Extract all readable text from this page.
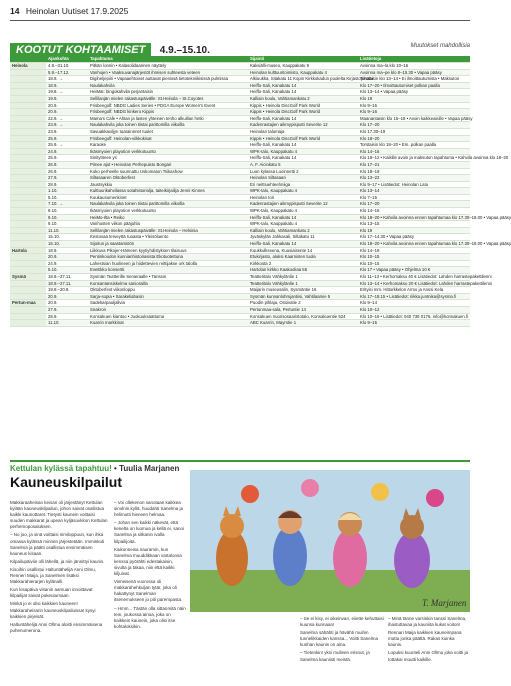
14 Heinolan Uutiset 17.9.2025
KOOTUT KOHTAAMISET 4.9.–15.10.	Muutokset mahdollisia
	Ajankohta	Tapahtuma	Sijainti	Lisätietoja
Heinola	4.9.–31.10.	Pitkän lonnin • Kalasolidaarinen näyttely	Kaksiälli-museo, Kauppakatu 9	Avoinna ma–la klo 10–16
	5.9.–17.12.	Vanhojen • Vaaksuvanajärjestöt ihmisen suhteesta veteen	Heinolan kulttuuritoimisto, Kauppakatu 4	Avoinna ma–pe klo 8–15.30 • Vapaa pääsy
	18.9. →	Digiheljepiiri • Vapaaehtoiset auttavat pienissä tietotekniikisissä pulmissa	Alkiuukka, Sitakatu 11 Kopin Kirkkokadun puolelta Kirjastopihalta	Torstaisin klo 13–14 • Ei ilmoittautumista • Maksuton
	18.9.	Naulakahvila	Heiffo-Sali, Kanakatu 14	Klo 17–20 • Ilmoittautumiset polkan paalla
	19.9. →	HeiMat: bingokahvila perjantaisin	Heiffo-Sali, Kanakatu 14	Klo 13–14 • Vapaa pääsy
	19.9.	Sellilanjän mielen rakastuspäivälle: St.Heinola – St.Coyotes	Kalliain koulu, Vahtiamankatu 2	Klo 19
	20.9.	Frisbeegolf: NBDG Ladies Series • PDGA Europe Women's Event	Kippis • Heinola DiscGolf Park World	Klo 9–16
	20.9.	Frisbeegolf: NBDG kinkero Kippis	Kippis • Heinola DiscGolf Park World	Klo 9–16
	22.9. →	Mama's Cafe • Ahtan ja lasten yhteinen tenho alkuillan hetki	Heiffo-Sali, Kanakatu 14	Maanantaisin klo 16–18 • Avoin kaikkeaisille • Vapaa pääsy
	23.9. →	Naulakahvila joka toinen tiistai parittomilla viikoilla	Kadenrastajien aikmypisputti Severite 12	Klo 17–20
	23.9.	Savuakkaviljyn tuarainnnet tuulet	Heinolan talumaja	Klo 17.30–19
	25.9.	Frisbeegolf: Heinolan-viikkokisat	Kippis • Heinola DiscGolf Park World	Klo 18–20
	25.9. →	Karaoke	Heiffo-Sali, Kanakatu 14	Torstaisin klo 18–20 • Em. polkan paalla
	24.9.	Ikäsmyoien playotion verkkotuunto	WPK-talo, Kauppakatu 4	Klo 14–16
	25.9.	Sinitytöeen ys	Heiffo-Sali, Kanakatu 14	Klo 18–12 • Kaikille avoin ja maksuton tapahtuma • Kahvila avoinna klo 18–20
	26.9.	Pimee ajot • Heinolan Perhepuisto Bongari	A. F. Aicinkatu 5	Klo 17–21
	26.9.	Koko perheelle suunnattu Uskomaton Tsikashow	Luon kylassa Luoinnetti 2	Klo 18–19
	27.9.	Siltasaaren Oktoberfest	Heinolan Siltasaari	Klo 13–22
	28.9.	Jaustsykkiu	Eri neittiuehteehniiga	Klo 9–17 • Lisätiedot: Heinolan Latu
	1.10.	Kulttuurikahvilassa sotahistoriolja, taiteikirjailija Jenni Kinnes	WPK-talo, Kauppakatu 4	Klo 13–14
	5.10.	Kuukausumenkinet	Heinolan tori	Klo 7–15
	7.10. →	Naulakahvila joka toinen tiistai parittomilla viikoilla	Kadenrastajien aikmypisputti Severite 12	Klo 17–20
	8.10.	Ikäsmyoien playotion verkkotuunto	WPK-talo, Kauppakatu 4	Klo 14–16
	9.10.	HeiMo-Ilta • Reiko	Heiffo-Sali, Kanakatu 14	Klo 18–20 • Kahvila avoinna ennen tapahtumaa klo 17.30–18.00 • Vapaa pääsy
	9.10.	Vanhusten viikon pääjuhla	WPK-talo, Kauppakatu 4	Klo 13–15
	11.10.	Sellilanjän mielen rakastuspäivälle: St.Heinola – Helsinia	Kalliain koulu, Vahtiamankatu 2	Klo 19
	15.10.	Kestovaa terveyttä ruoasta • Yleisöluento	Jyväskylän Jahkasali, Siltakatu 11	Klo 17–14.30 • Vapaa pääsy
	15.10.	Sijoitun ja saastamiöön	Heiffo-Sali, Kanakatu 14	Klo 18–20 • Kahvila avoinna ennen tapahtumaa klo 17.30–18.00 • Vapaa pääsy
Hartola	18.9.	Liikkuva Pikojer-Hämeen kyytiyhdistyksen tilaisuus	Kuukkulkseena, Kuusiaisente 14	Klo 14–19
	20.9.	Pentinkoodon kunnianhistoriasista Ekotuotettuna	Etukirjasto, aluksi Kaarnisten tuola	Klo 10–15
	24.9.	Lahestsian huolineen ja hiidettevien reittijakse ork talolla	Kirkkosta 2	Klo 10–15
	5.10.	EveEkko konsertti	Hartolan kirkko Kaakuoliaa 55	Klo 17 • Vapaa pääsy • Ohjelma 10 €
Sysmä	18.9.–27.11.	Sysmän Teatterille Senieraalle • Tanssin	Teatteritalo Vähkylänlie 1	Klo 11–13 • Kerhomaksu 40 € Lisätiedot: Lahden harrastepakettilenni
	18.9.–27.11.	Konsantansiskelma saniorailla	Teatteritalo Vähkylänlie 1	Klo 13–14 • Kerhomaksu 20 € Lisätiedot: Lahden harrastepakettilenni
	19.9.–20.9.	Oktoberfest viikonloppu	Maijarin museosalin, Sysmäntie 16	Erityisi mm. Hittorkkelon Armo ja Anssi Kela
	20.9.	Sarja-sopia • Sarakeliabasin	Sysmän kunnanlohmjantiisi, Vahtilaamie 5	Klo 17–18.15 • Lisätiedot: riikka.juntnika@sysma.fi
Pertun-maa	20.9.	Sadekarpauljalivia	Puodin pihlaja, Ossivatie 2	Klo 9–14
	27.9.	Snakron	Pertunmaa-sala, Pertuntie 14	Klo 10–12
	28.9.	Konsakuen kiantoo • Juokuuksaattuma	Konsakuen nuorisosaaristotalo, Konsakuentie 524	Klo 10–16 • Lisätiedot: 040 738 0176, info@konsakuen.fi
	11.10.	Kuarrin markkinat	ABC Kuarrin, Mayrstie 1	Klo 9–15
Kettulan kylässä tapahtuu! • Tuulia Marjanen
Kauneuskilpailut

Makkaraaheisan keisari oli järjestänyt Kettulan kylään kauneuskilpailun, johon saivat osallistua kaikki kaunottaret. Tietysti kaunein voittaisi suuden makkarat ja upean kyljäsuvkkon Kettulan perhemoposaluksen.

– No joo, ja sinä voittaisi nimiloppuun, kun ihka omassa kylässä minnen järjestetään. Imminkuti Sanelma ja päätti osallistua ensimmäisen kauneus kisaan.

Kilpailupäiviin olli lähellä, ja niin jännittyi kaunis.

Kisoihin osallistui Haltuntähelijä Anni Olmu, Renneri Maija, ja Sanelmen lisäksi Makkarahierarjen kylänalli.

Kun kisapäiva viitanin aamuan innoittavat kilpailijat saivat pukeutumaan.

Minkä jo ei olisi kaikkien kauneen! Makkaraheisarin kauneuskilpailuissa! kysyi kaikkien pirjeisät.

Haltuntähelijä Anni Ollmu aloitti ensimmäisena puhenumerona.

– Voi ollekenon sanotaan kaikkea sinolnin kyllä, huudahti Sanelma ja helimutti hieneen helmaa.

– Johan sen kaikki näkevät, että kenelta on luomua ja kellä ei, sanoi Sanelma ja sitkanin ivalla kilpailijoita.

Kaikonneisa nauramin, kun Sanelma muuddikkaan vartalonsa kenssa pyörähti edestakaisin, sivulta ja takaa, niin että kaikki kiljuivat.

Viimeisenä vuorossa oli makkarahehkuljan tytär, joka oli hakattynyt Sanelman itsenemukseen jo piti parempasta.

– Hmm... Tästän olla sittanmitä näin tein, joukossa ainoa, joka on kaikkein kaunein, joka olisi itse kohtaloksikin.

T. Marjanen

– Se ei kisy, ei oikeinvan, eiiette kehuttaisi kuunsa kunnaan!

Sanelma sähähti ja hävähti muihin tunnelikkaiden kanssa... Voitti Sanelma kunhan kaunis on aina.

– Tietenkin! yksi mulleen erisnut, ja Sanelma kauniisti meistä.

– Minä tänne varsinkin tanssi Sanelma, ihastuttavaa ja kauniita kukat voiton!

Rennari Maija kaikkien kauneimpana mutta jonka päättä. Rakas kuinka kaunis.

Lopuksi kuunteli Anni Ollmu joka voitti ja tottakai muutti kaikille.
